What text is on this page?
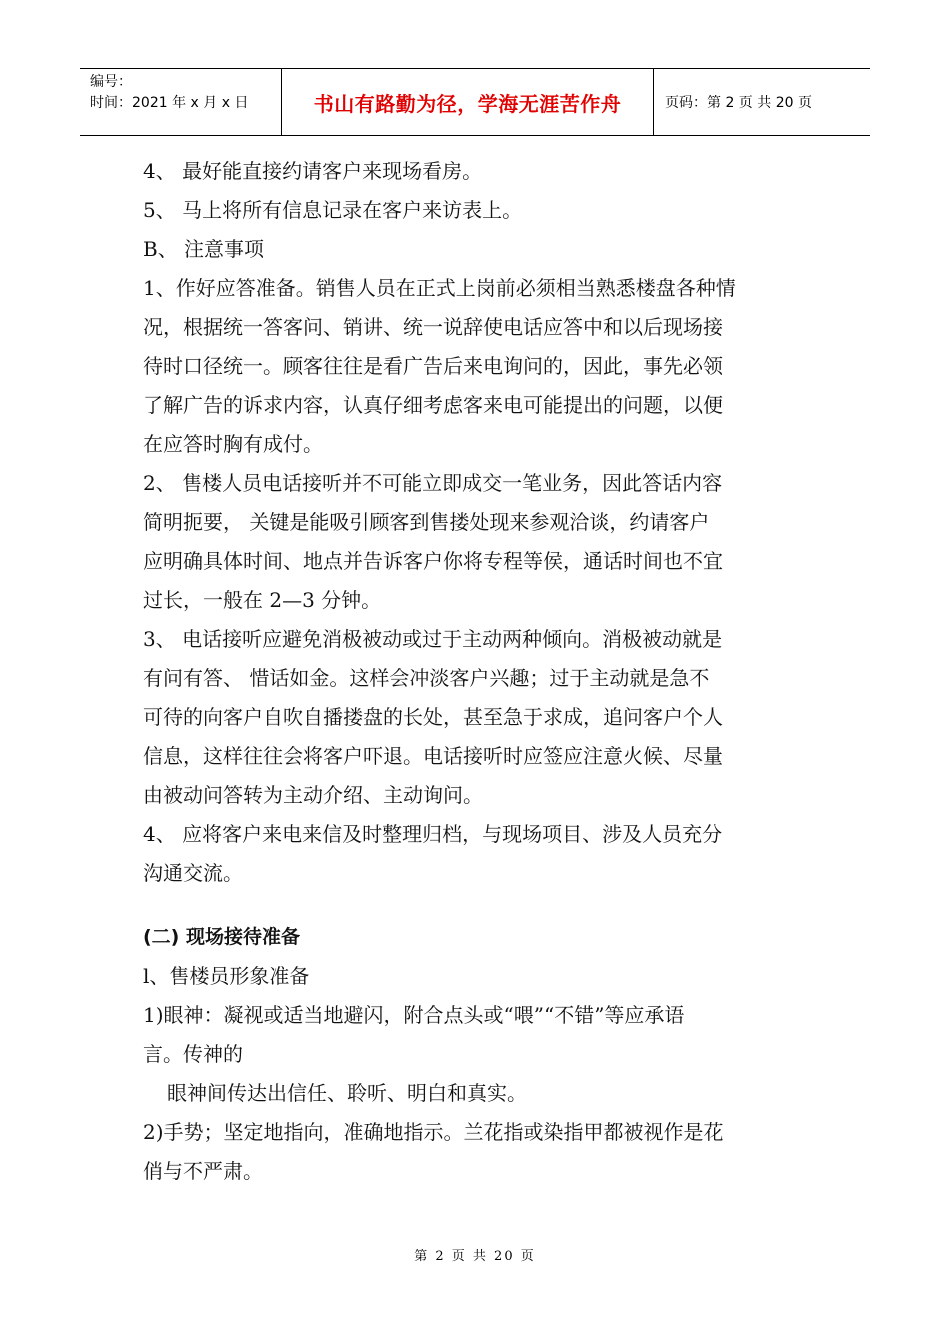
编号：
时间：2021 年 x 月 x 日	书山有路勤为径，学海无涯苦作舟	页码：第 2 页 共 20 页
4、 最好能直接约请客户来现场看房。
5、 马上将所有信息记录在客户来访表上。
B、 注意事项
1、作好应答准备。销售人员在正式上岗前必须相当熟悉楼盘各种情
况，根据统一答客问、销讲、统一说辞使电话应答中和以后现场接
待时口径统一。顾客往往是看广告后来电询问的，因此，事先必领
了解广告的诉求内容，认真仔细考虑客来电可能提出的问题，以便
在应答时胸有成付。
2、 售楼人员电话接听并不可能立即成交一笔业务，因此答话内容
简明扼要， 关键是能吸引顾客到售搂处现来参观洽谈，约请客户
应明确具体时间、地点并告诉客户你将专程等侯，通话时间也不宜
过长，一般在 2—3 分钟。
3、 电话接听应避免消极被动或过于主动两种倾向。消极被动就是
有问有答、 惜话如金。这样会冲淡客户兴趣；过于主动就是急不
可待的向客户自吹自播搂盘的长处，甚至急于求成，追问客户个人
信息，这样往往会将客户吓退。电话接听时应签应注意火候、尽量
由被动问答转为主动介绍、主动询问。
4、 应将客户来电来信及时整理归档，与现场项目、涉及人员充分
沟通交流。
(二) 现场接待准备
l、售楼员形象准备
1)眼神：凝视或适当地避闪，附合点头或“喂”“不错”等应承语
言。传神的
眼神间传达出信任、聆听、明白和真实。
2)手势；坚定地指向，准确地指示。兰花指或染指甲都被视作是花
俏与不严肃。
第 2 页 共 20 页
